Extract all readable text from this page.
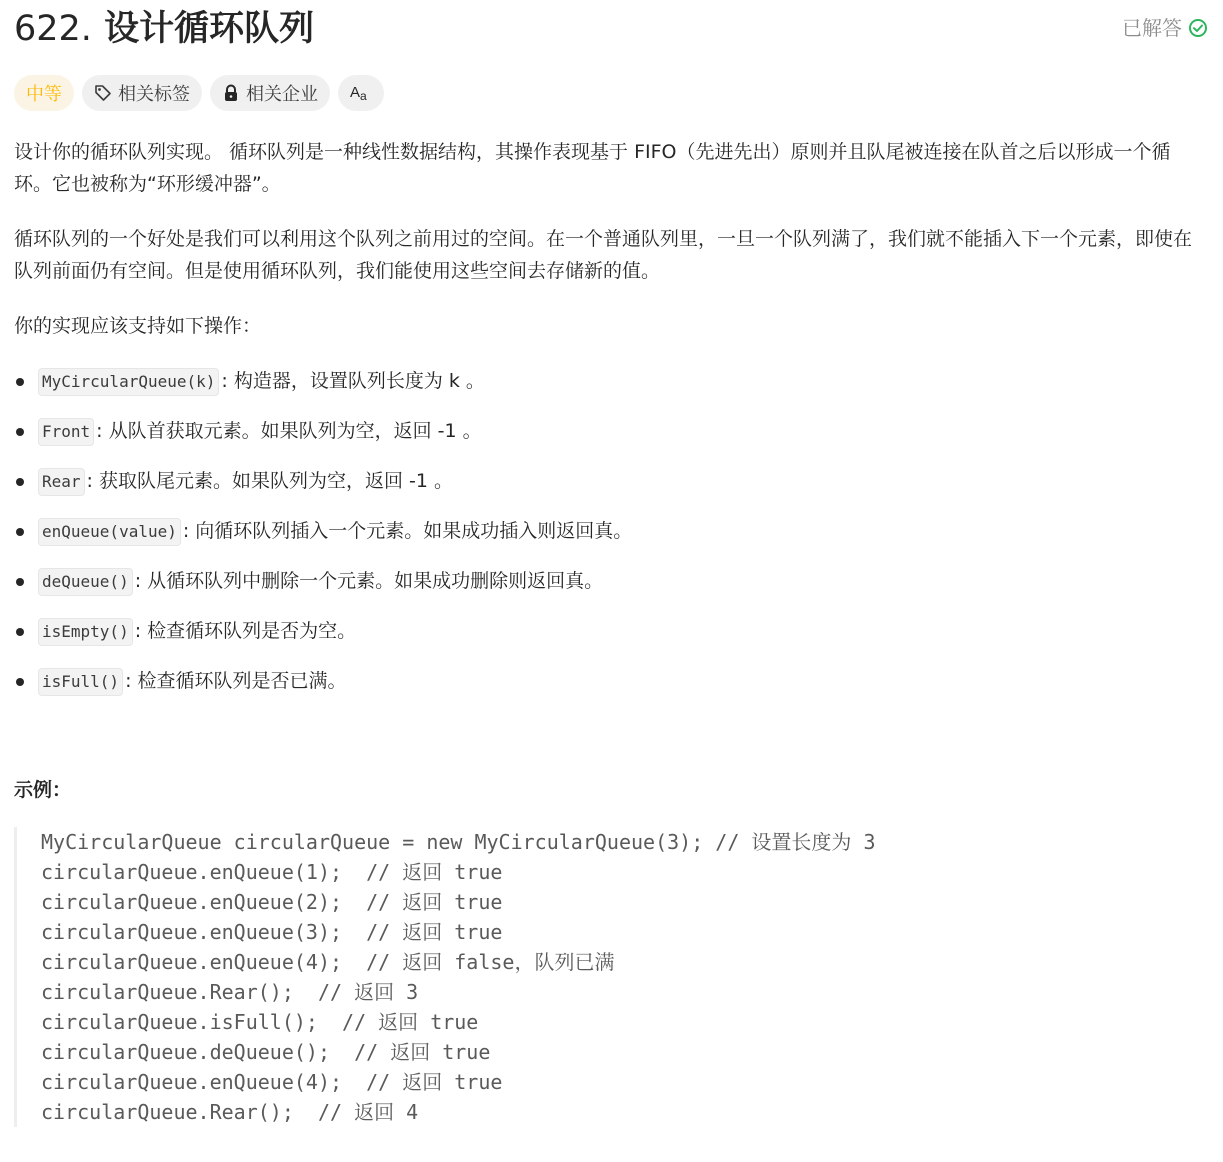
622. 设计循环队列	已解答
中等	相关标签	相关企业 A a

设计你的循环队列实现。 循环队列是一种线性数据结构，其操作表现基于 FIFO（先进先出）原则并且队尾被连接在队首之后以形成一个循环。它也被称为“环形缓冲器”。

循环队列的一个好处是我们可以利用这个队列之前用过的空间。在一个普通队列里，一旦一个队列满了，我们就不能插入下一个元素，即使在队列前面仍有空间。但是使用循环队列，我们能使用这些空间去存储新的值。

你的实现应该支持如下操作：

MyCircularQueue(k) : 构造器，设置队列长度为 k 。
Front : 从队首获取元素。如果队列为空，返回 -1 。
Rear : 获取队尾元素。如果队列为空，返回 -1 。
enQueue(value) : 向循环队列插入一个元素。如果成功插入则返回真。
deQueue() : 从循环队列中删除一个元素。如果成功删除则返回真。
isEmpty() : 检查循环队列是否为空。
isFull() : 检查循环队列是否已满。
示例：
MyCircularQueue circularQueue = new MyCircularQueue(3); // 设置长度为 3
circularQueue.enQueue(1);  // 返回 true
circularQueue.enQueue(2);  // 返回 true
circularQueue.enQueue(3);  // 返回 true
circularQueue.enQueue(4);  // 返回 false，队列已满
circularQueue.Rear();  // 返回 3
circularQueue.isFull();  // 返回 true
circularQueue.deQueue();  // 返回 true
circularQueue.enQueue(4);  // 返回 true
circularQueue.Rear();  // 返回 4
